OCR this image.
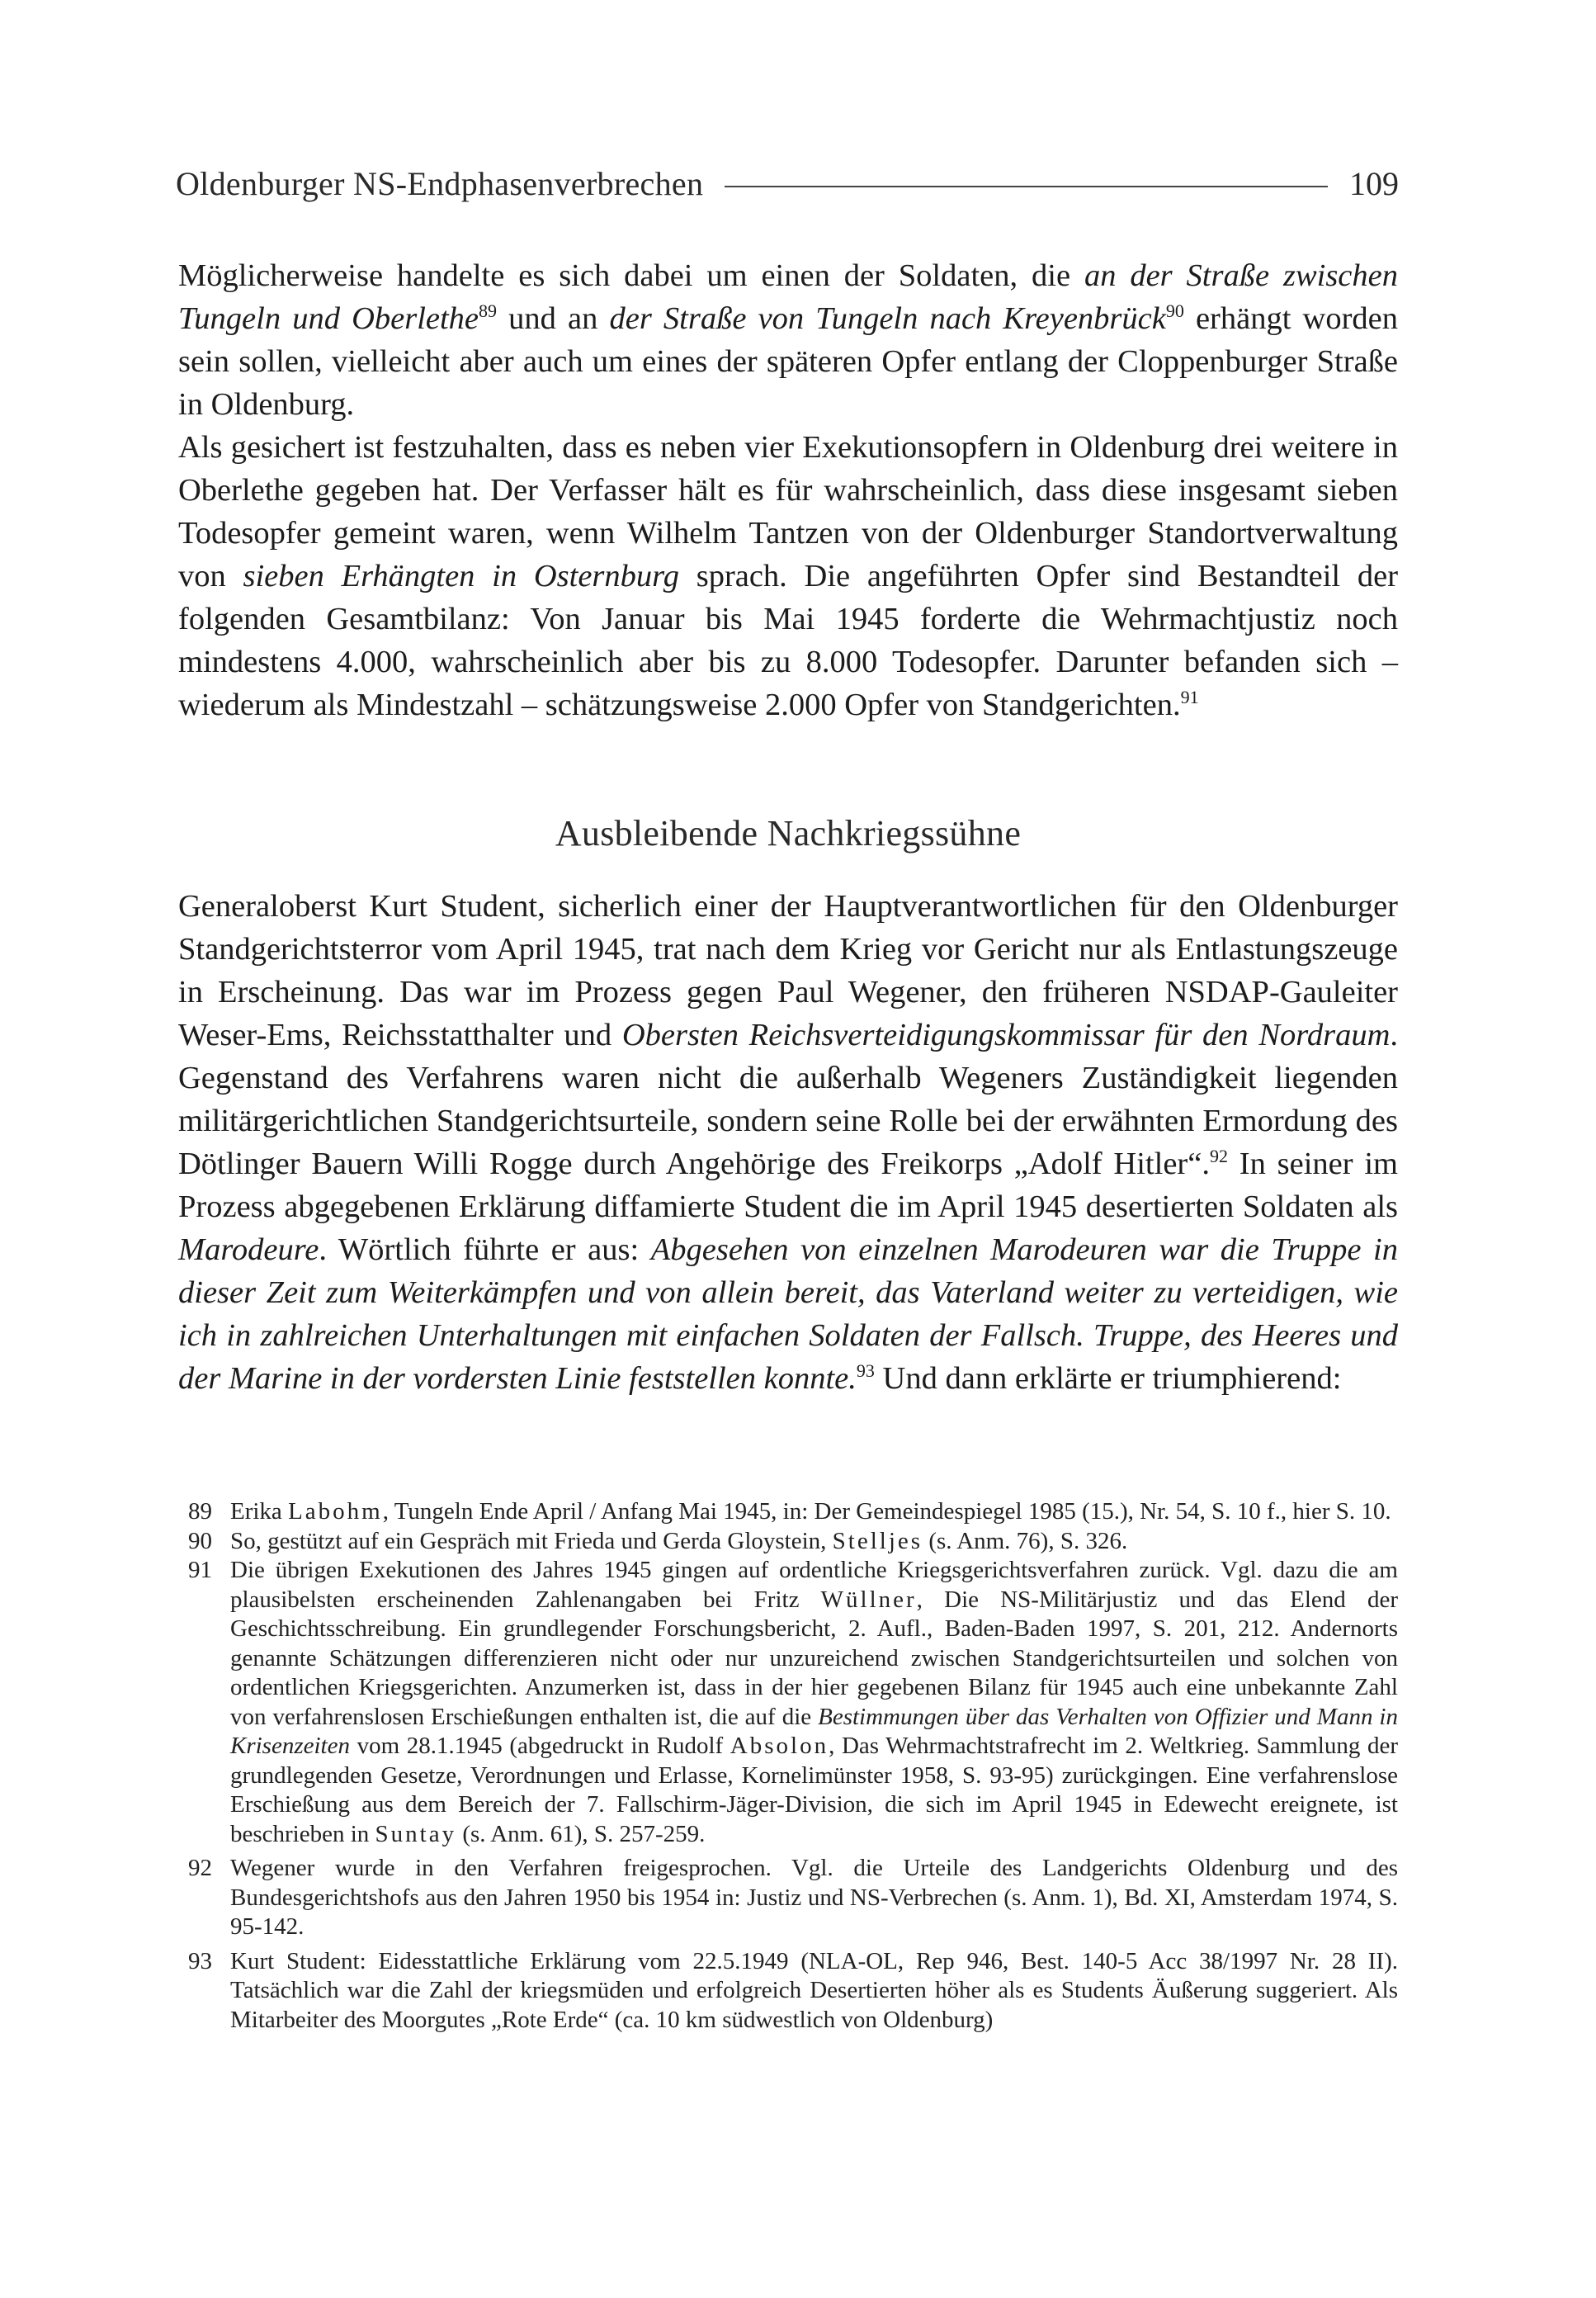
Oldenburger NS-Endphasenverbrechen	109

Möglicherweise handelte es sich dabei um einen der Soldaten, die an der Straße zwischen Tungeln und Oberlethe$^{89}$ und an der Straße von Tungeln nach Kreyenbrück$^{90}$ erhängt worden sein sollen, vielleicht aber auch um eines der späteren Opfer entlang der Cloppenburger Straße in Oldenburg.

Als gesichert ist festzuhalten, dass es neben vier Exekutionsopfern in Oldenburg drei weitere in Oberlethe gegeben hat. Der Verfasser hält es für wahrscheinlich, dass diese insgesamt sieben Todesopfer gemeint waren, wenn Wilhelm Tantzen von der Oldenburger Standortverwaltung von sieben Erhängten in Osternburg sprach. Die angeführten Opfer sind Bestandteil der folgenden Gesamtbilanz: Von Januar bis Mai 1945 forderte die Wehrmachtjustiz noch mindestens 4.000, wahrscheinlich aber bis zu 8.000 Todesopfer. Darunter befanden sich – wiederum als Mindestzahl – schätzungsweise 2.000 Opfer von Standgerichten.$^{91}$

Ausbleibende Nachkriegssühne

Generaloberst Kurt Student, sicherlich einer der Hauptverantwortlichen für den Oldenburger Standgerichtsterror vom April 1945, trat nach dem Krieg vor Gericht nur als Entlastungszeuge in Erscheinung. Das war im Prozess gegen Paul Wegener, den früheren NSDAP-Gauleiter Weser-Ems, Reichsstatthalter und Obersten Reichsverteidigungskommissar für den Nordraum. Gegenstand des Verfahrens waren nicht die außerhalb Wegeners Zuständigkeit liegenden militärgerichtlichen Standgerichtsurteile, sondern seine Rolle bei der erwähnten Ermordung des Dötlinger Bauern Willi Rogge durch Angehörige des Freikorps „Adolf Hitler“.$^{92}$ In seiner im Prozess abgegebenen Erklärung diffamierte Student die im April 1945 desertierten Soldaten als Marodeure. Wörtlich führte er aus: Abgesehen von einzelnen Marodeuren war die Truppe in dieser Zeit zum Weiterkämpfen und von allein bereit, das Vaterland weiter zu verteidigen, wie ich in zahlreichen Unterhaltungen mit einfachen Soldaten der Fallsch. Truppe, des Heeres und der Marine in der vordersten Linie feststellen konnte.$^{93}$ Und dann erklärte er triumphierend:

89 Erika Labohm, Tungeln Ende April / Anfang Mai 1945, in: Der Gemeindespiegel 1985 (15.), Nr. 54, S. 10 f., hier S. 10.
90 So, gestützt auf ein Gespräch mit Frieda und Gerda Gloystein, Stelljes (s. Anm. 76), S. 326.
91 Die übrigen Exekutionen des Jahres 1945 gingen auf ordentliche Kriegsgerichtsverfahren zurück. Vgl. dazu die am plausibelsten erscheinenden Zahlenangaben bei Fritz Wüllner, Die NS-Militärjustiz und das Elend der Geschichtsschreibung. Ein grundlegender Forschungsbericht, 2. Aufl., Baden-Baden 1997, S. 201, 212. Andernorts genannte Schätzungen differenzieren nicht oder nur unzureichend zwischen Standgerichtsurteilen und solchen von ordentlichen Kriegsgerichten. Anzumerken ist, dass in der hier gegebenen Bilanz für 1945 auch eine unbekannte Zahl von verfahrenslosen Erschießungen enthalten ist, die auf die Bestimmungen über das Verhalten von Offizier und Mann in Krisenzeiten vom 28.1.1945 (abgedruckt in Rudolf Absolon, Das Wehrmachtstrafrecht im 2. Weltkrieg. Sammlung der grundlegenden Gesetze, Verordnungen und Erlasse, Kornelimünster 1958, S. 93-95) zurückgingen. Eine verfahrenslose Erschießung aus dem Bereich der 7. Fallschirm-Jäger-Division, die sich im April 1945 in Edewecht ereignete, ist beschrieben in Suntay (s. Anm. 61), S. 257-259.
92 Wegener wurde in den Verfahren freigesprochen. Vgl. die Urteile des Landgerichts Oldenburg und des Bundesgerichtshofs aus den Jahren 1950 bis 1954 in: Justiz und NS-Verbrechen (s. Anm. 1), Bd. XI, Amsterdam 1974, S. 95-142.
93 Kurt Student: Eidesstattliche Erklärung vom 22.5.1949 (NLA-OL, Rep 946, Best. 140-5 Acc 38/1997 Nr. 28 II). Tatsächlich war die Zahl der kriegsmüden und erfolgreich Desertierten höher als es Students Äußerung suggeriert. Als Mitarbeiter des Moorgutes „Rote Erde“ (ca. 10 km südwestlich von Oldenburg)
